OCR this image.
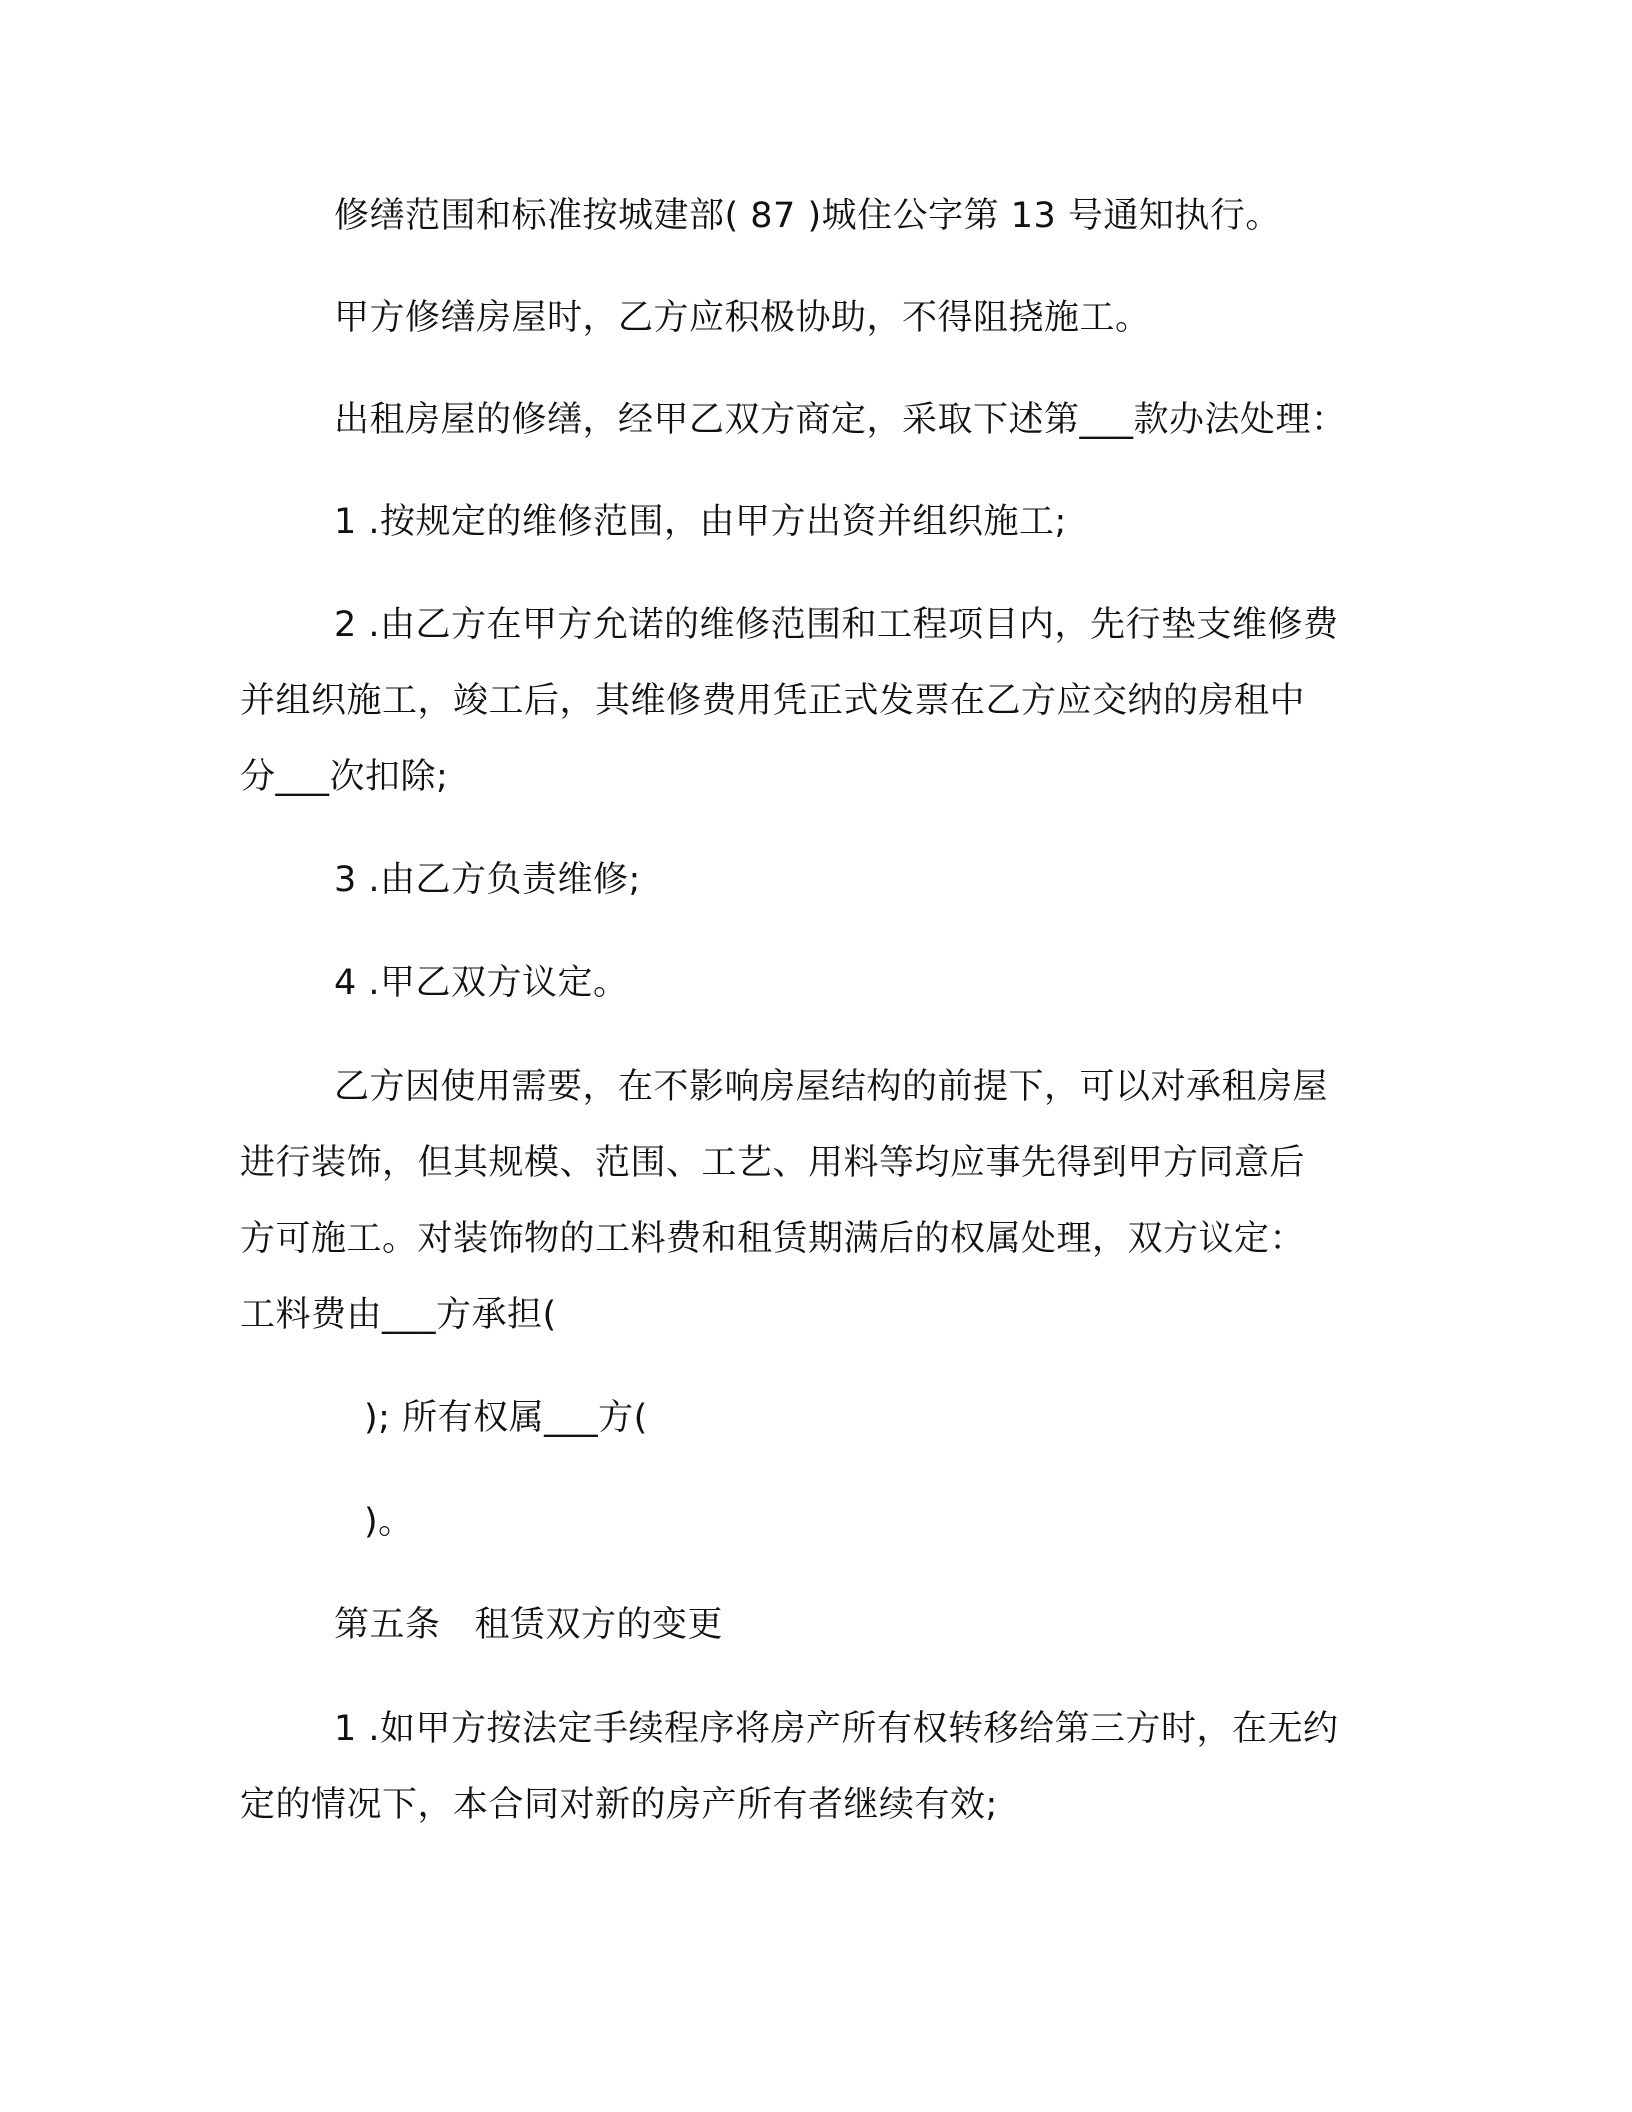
修缮范围和标准按城建部( 87 )城住公字第 13 号通知执行。

甲方修缮房屋时，乙方应积极协助，不得阻挠施工。

出租房屋的修缮，经甲乙双方商定，采取下述第___款办法处理：

1 .按规定的维修范围，由甲方出资并组织施工;

2 .由乙方在甲方允诺的维修范围和工程项目内，先行垫支维修费

并组织施工，竣工后，其维修费用凭正式发票在乙方应交纳的房租中

分___次扣除;

3 .由乙方负责维修;

4 .甲乙双方议定。

乙方因使用需要，在不影响房屋结构的前提下，可以对承租房屋

进行装饰，但其规模、范围、工艺、用料等均应事先得到甲方同意后

方可施工。对装饰物的工料费和租赁期满后的权属处理，双方议定：

工料费由___方承担(

); 所有权属___方(

)。

第五条 租赁双方的变更

1 .如甲方按法定手续程序将房产所有权转移给第三方时，在无约

定的情况下，本合同对新的房产所有者继续有效;
